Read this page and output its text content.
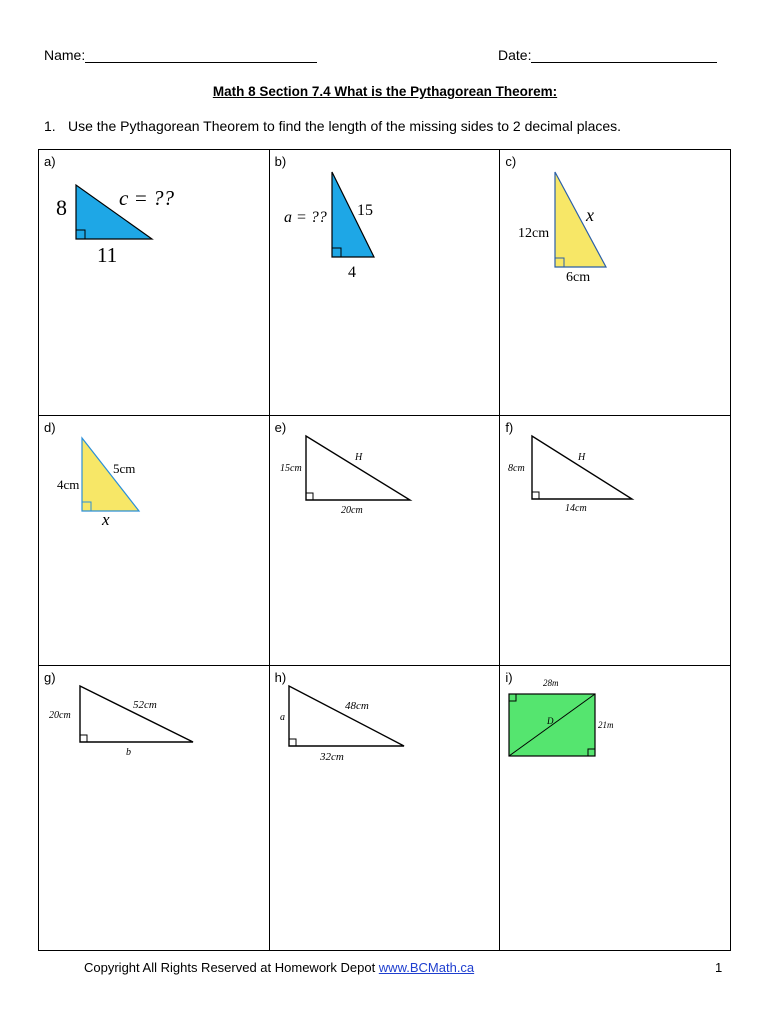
Name:	Date:
Math 8 Section 7.4 What is the Pythagorean Theorem:
1. Use the Pythagorean Theorem to find the length of the missing sides to 2 decimal places.
8
11
c = ??
a)	a = ??
4
15
b)	12cm
6cm
x
c)

4cm
x
5cm
d)	15cm
20cm
H
e)	8cm
14cm
H
f)

20cm
b
52cm
g)	a
32cm
48cm
h)	28m
21m
D
i)
Copyright All Rights Reserved at Homework Depot www.BCMath.ca	1
